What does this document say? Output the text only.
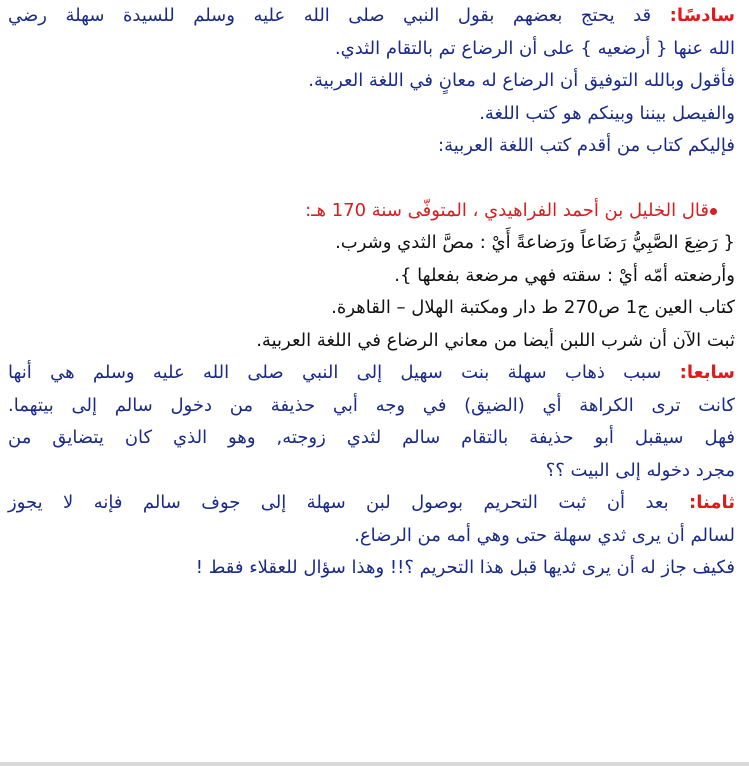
سادسًا: قد يحتج بعضهم بقول النبي صلى الله عليه وسلم للسيدة سهلة رضي
الله عنها { أرضعيه } على أن الرضاع تم بالتقام الثدي.
فأقول وبالله التوفيق أن الرضاع له معانٍ في اللغة العربية.
والفيصل بيننا وبينكم هو كتب اللغة.
فإليكم كتاب من أقدم كتب اللغة العربية:
قال الخليل بن أحمد الفراهيدي ، المتوفّى سنة 170 هـ:
{ رَضِعَ الصَّبِيُّ رَضَاعاً ورَضاعةً أَيْ : مصَّ الثدي وشرب.
وأرضعته أمّه أيْ : سقته فهي مرضعة بفعلها }.
كتاب العين ج1 ص270 ط دار ومكتبة الهلال – القاهرة.
ثبت الآن أن شرب اللبن أيضا من معاني الرضاع في اللغة العربية.
سابعا: سبب ذهاب سهلة بنت سهيل إلى النبي صلى الله عليه وسلم هي أنها
كانت ترى الكراهة أي (الضيق) في وجه أبي حذيفة من دخول سالم إلى بيتهما.
فهل سيقبل أبو حذيفة بالتقام سالم لثدي زوجته, وهو الذي كان يتضايق من
مجرد دخوله إلى البيت ؟؟
ثامنا: بعد أن ثبت التحريم بوصول لبن سهلة إلى جوف سالم فإنه لا يجوز
لسالم أن يرى ثدي سهلة حتى وهي أمه من الرضاع.
فكيف جاز له أن يرى ثديها قبل هذا التحريم ؟!! وهذا سؤال للعقلاء فقط !
